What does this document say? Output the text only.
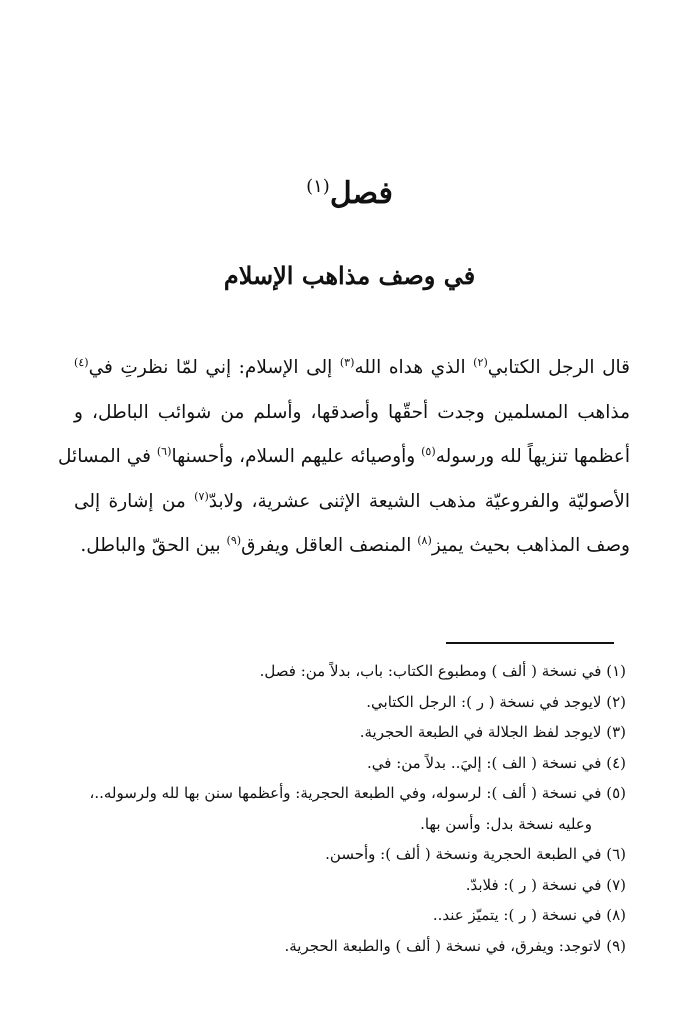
فصل$^{(١)}$
في وصف مذاهب الإسلام
قال الرجل الكتابي$^{(٢)}$ الذي هداه الله$^{(٣)}$ إلى الإسلام: إني لمّا نظرتِ في$^{(٤)}$
مذاهب المسلمين وجدت أحقّها وأصدقها، وأسلم من شوائب الباطل، و
أعظمها تنزيهاً لله ورسوله$^{(٥)}$ وأوصيائه عليهم السلام، وأحسنها$^{(٦)}$ في المسائل
الأصوليّة والفروعيّة مذهب الشيعة الإثنى عشرية، ولابدّ$^{(٧)}$ من إشارة إلى
وصف المذاهب بحيث يميز$^{(٨)}$ المنصف العاقل ويفرق$^{(٩)}$ بين الحقّ والباطل.
(١) في نسخة ( ألف ) ومطبوع الكتاب: باب، بدلاً من: فصل.
(٢) لايوجد في نسخة ( ر ): الرجل الكتابي.
(٣) لايوجد لفظ الجلالة في الطبعة الحجرية.
(٤) في نسخة ( الف ): إليَ.. بدلاً من: في.
(٥) في نسخة ( ألف ): لرسوله، وفي الطبعة الحجرية: وأعظمها سنن بها لله ولرسوله..،
وعليه نسخة بدل: وأسن بها.
(٦) في الطبعة الحجرية ونسخة ( ألف ): وأحسن.
(٧) في نسخة ( ر ): فلابدّ.
(٨) في نسخة ( ر ): يتميّز عند..
(٩) لاتوجد: ويفرق، في نسخة ( ألف ) والطبعة الحجرية.
